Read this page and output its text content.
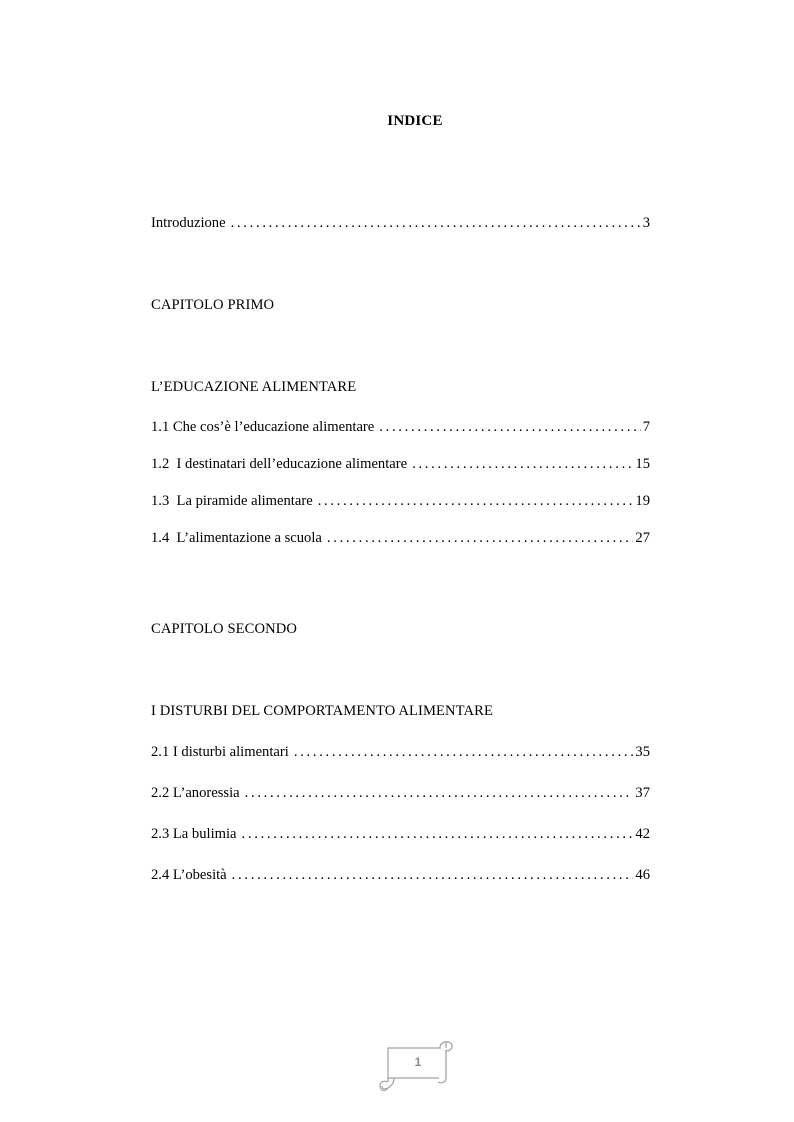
INDICE
Introduzione .....	3
CAPITOLO PRIMO
L’EDUCAZIONE ALIMENTARE
1.1 Che cos’è l’educazione alimentare .....	7
1.2  I destinatari dell’educazione alimentare .....	15
1.3  La piramide alimentare .....	19
1.4  L’alimentazione a scuola .....	27
CAPITOLO SECONDO
I DISTURBI DEL COMPORTAMENTO ALIMENTARE
2.1 I disturbi alimentari .....	35
2.2 L’anoressia .....	37
2.3 La bulimia .....	42
2.4 L’obesità .....	46
1
